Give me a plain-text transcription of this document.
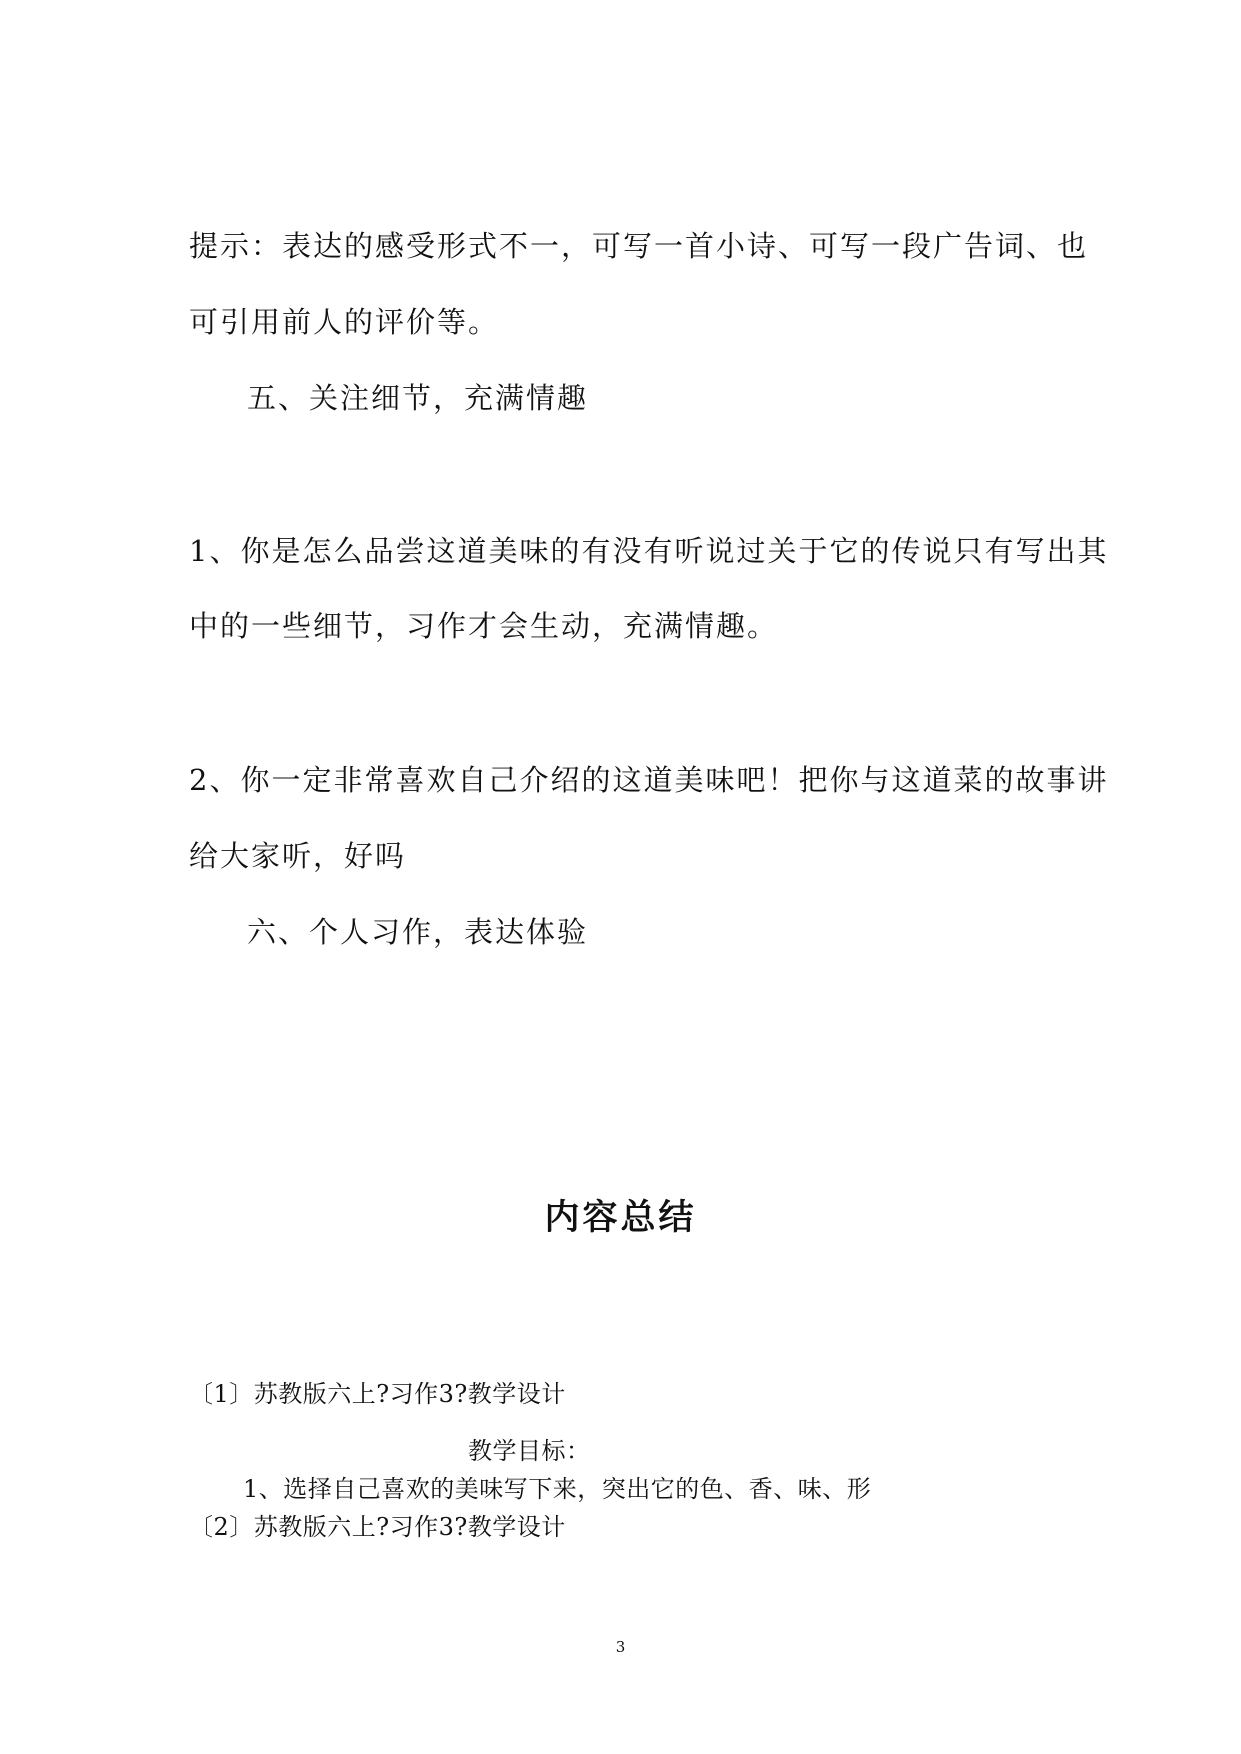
提示：表达的感受形式不一，可写一首小诗、可写一段广告词、也
可引用前人的评价等。
五、关注细节，充满情趣
1、你是怎么品尝这道美味的有没有听说过关于它的传说只有写出其
中的一些细节，习作才会生动，充满情趣。
2、你一定非常喜欢自己介绍的这道美味吧！把你与这道菜的故事讲
给大家听，好吗
六、个人习作，表达体验
内容总结
〔1〕苏教版六上?习作3?教学设计
教学目标：
1、选择自己喜欢的美味写下来，突出它的色、香、味、形
〔2〕苏教版六上?习作3?教学设计
3
